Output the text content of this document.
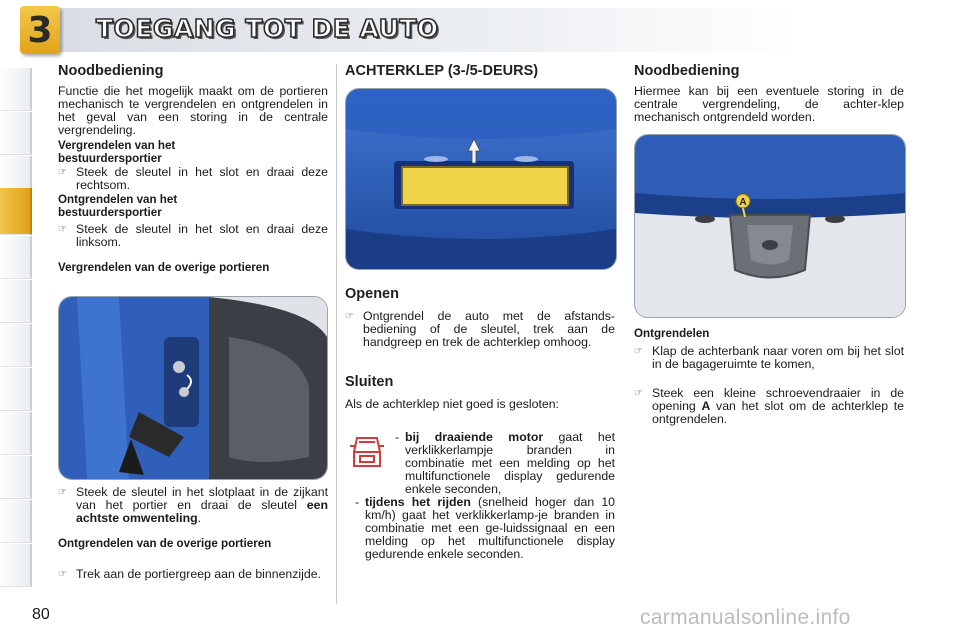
3 TOEGANG TOT DE AUTO
Noodbediening

Functie die het mogelijk maakt om de portieren mechanisch te vergrendelen en ontgrendelen in het geval van een storing in de centrale vergrendeling.

Vergrendelen van het bestuurdersportier

☞ Steek de sleutel in het slot en draai deze rechtsom.

Ontgrendelen van het bestuurdersportier

☞ Steek de sleutel in het slot en draai deze linksom.

Vergrendelen van de overige portieren

☞ Steek de sleutel in het slotplaat in de zijkant van het portier en draai de sleutel een achtste omwenteling.

Ontgrendelen van de overige portieren

☞ Trek aan de portiergreep aan de binnenzijde.
ACHTERKLEP (3-/5-DEURS)
Openen
☞ Ontgrendel de auto met de afstands-bediening of de sleutel, trek aan de handgreep en trek de achterklep omhoog.
Sluiten

Als de achterklep niet goed is gesloten:

- bij draaiende motor gaat het verklikkerlampje branden in combinatie met een melding op het multifunctionele display gedurende enkele seconden,
- tijdens het rijden (snelheid hoger dan 10 km/h) gaat het verklikkerlamp-je branden in combinatie met een ge-luidssignaal en een melding op het multifunctionele display gedurende enkele seconden.
Noodbediening

Hiermee kan bij een eventuele storing in de centrale vergrendeling, de achter-klep mechanisch ontgrendeld worden.

A

Ontgrendelen

☞ Klap de achterbank naar voren om bij het slot in de bagageruimte te komen,
☞ Steek een kleine schroevendraaier in de opening A van het slot om de achterklep te ontgrendelen.
80	carmanualsonline.info
